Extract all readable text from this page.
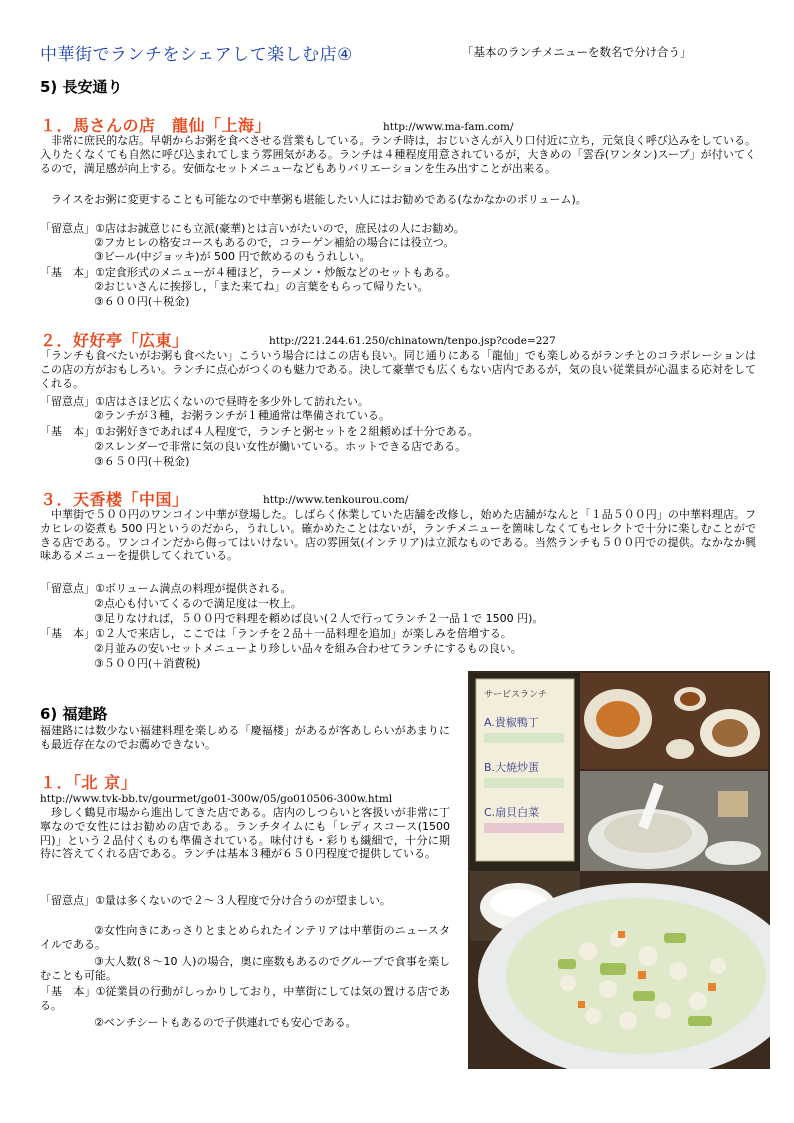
中華街でランチをシェアして楽しむ店④	「基本のランチメニューを数名で分け合う」
5) 長安通り
１．馬さんの店　龍仙「上海」	http://www.ma-fam.com/
　非常に庶民的な店。早朝からお粥を食べさせる営業もしている。ランチ時は，おじいさんが入り口付近に立ち，元気良く呼び込みをしている。入りたくなくても自然に呼び込まれてしまう雰囲気がある。ランチは４種程度用意されているが，大きめの「雲呑(ワンタン)スープ」が付いてくるので，満足感が向上する。安価なセットメニューなどもありバリエーションを生み出すことが出来る。
　ライスをお粥に変更することも可能なので中華粥も堪能したい人にはお勧めである(なかなかのボリューム)。
「留意点」①店はお誠意じにも立派(豪華)とは言いがたいので，庶民はの人にお勧め。
②フカヒレの格安コースもあるので，コラーゲン補給の場合には役立つ。
③ビール(中ジョッキ)が 500 円で飲めるのもうれしい。
「基　本」①定食形式のメニューが４種ほど，ラーメン・炒飯などのセットもある。
②おじいさんに挨拶し，「また来てね」の言葉をもらって帰りたい。
③６００円(＋税金)
２．好好亭「広東」	http://221.244.61.250/chinatown/tenpo.jsp?code=227
「ランチも食べたいがお粥も食べたい」こういう場合にはこの店も良い。同じ通りにある「龍仙」でも楽しめるがランチとのコラボレーションはこの店の方がおもしろい。ランチに点心がつくのも魅力である。決して豪華でも広くもない店内であるが，気の良い従業員が心温まる応対をしてくれる。
「留意点」①店はさほど広くないので昼時を多少外して訪れたい。
②ランチが３種，お粥ランチが１種通常は準備されている。
「基　本」①お粥好きであれば４人程度で，ランチと粥セットを２組頼めば十分である。
②スレンダーで非常に気の良い女性が働いている。ホットできる店である。
③６５０円(＋税金)
３．天香楼「中国」	http://www.tenkourou.com/
　中華街で５００円のワンコイン中華が登場した。しばらく休業していた店舗を改修し，始めた店舗がなんと「１品５００円」の中華料理店。フカヒレの姿煮も 500 円というのだから，うれしい。確かめたことはないが，ランチメニューを箇味しなくてもセレクトで十分に楽しむことができる店である。ワンコインだから侮ってはいけない。店の雰囲気(インテリア)は立派なものである。当然ランチも５００円での提供。なかなか興味あるメニューを提供してくれている。
「留意点」①ボリューム満点の料理が提供される。
②点心も付いてくるので満足度は一枚上。
③足りなければ，５００円で料理を頼めば良い(２人で行ってランチ２一品１で 1500 円)。
「基　本」①２人で来店し，ここでは「ランチを２品＋一品料理を追加」が楽しみを倍増する。
②月並みの安いセットメニューより珍しい品々を組み合わせてランチにするもの良い。
③５００円(＋消費税)
6) 福建路
福建路には数少ない福建料理を楽しめる「慶福楼」があるが客あしらいがあまりにも最近存在なのでお薦めできない。
１．「北 京」
http://www.tvk-bb.tv/gourmet/go01-300w/05/go010506-300w.html
　珍しく鶴見市場から進出してきた店である。店内のしつらいと客扱いが非常に丁寧なので女性にはお勧めの店である。ランチタイムにも「レディスコース(1500 円)」という２品付くものも準備されている。味付けも・彩りも繊細で，十分に期待に答えてくれる店である。ランチは基本３種が６５０円程度で提供している。
「留意点」①量は多くないので２～３人程度で分け合うのが望ましい。
②女性向きにあっさりとまとめられたインテリアは中華街のニュースタイルである。
③大人数(８～10 人)の場合，奥に座数もあるのでグループで食事を楽しむことも可能。
「基　本」①従業員の行動がしっかりしており，中華街にしては気の置ける店である。
②ベンチシートもあるので子供連れでも安心である。
サービスランチ
A.貴椒鴨丁
B.大焼炒蛋
C.扇貝白菜
